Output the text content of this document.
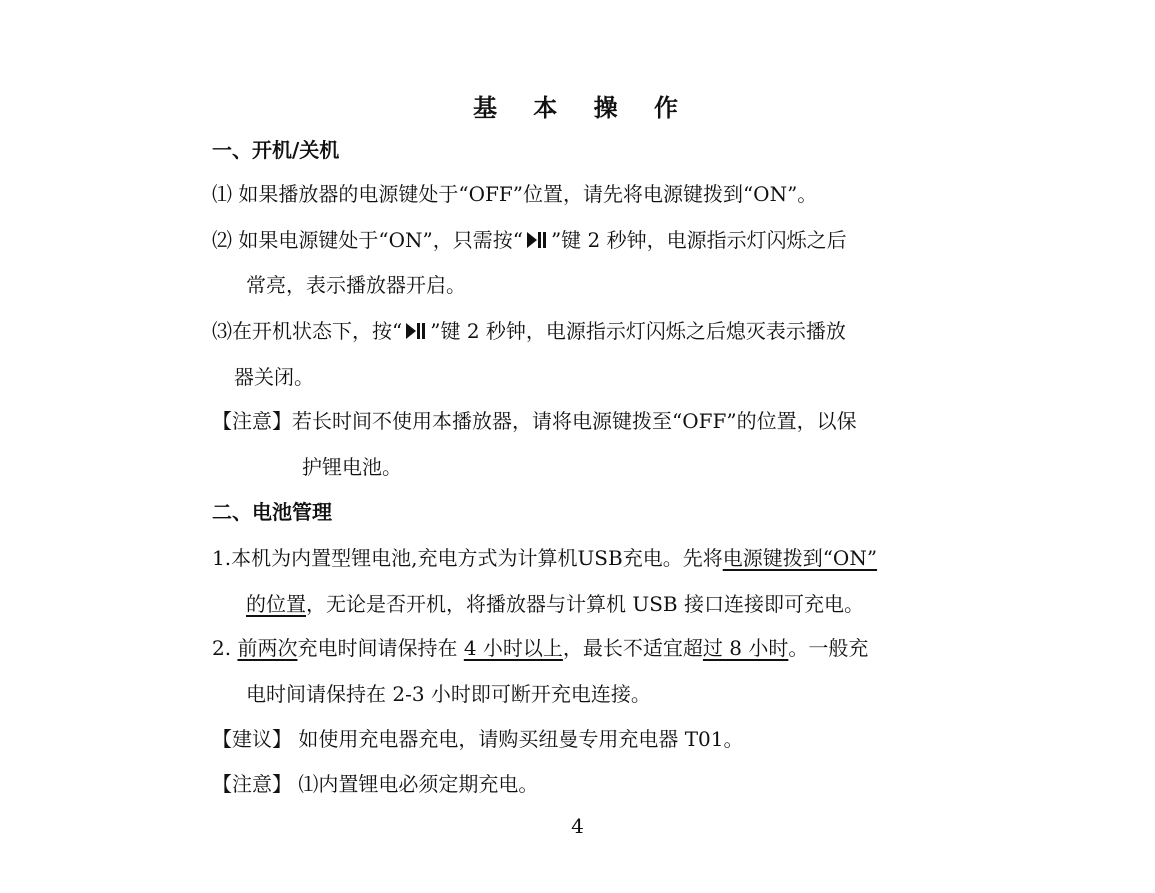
基 本 操 作
一、开机/关机
⑴ 如果播放器的电源键处于“OFF”位置，请先将电源键拨到“ON”。
⑵ 如果电源键处于“ON”，只需按“ ”键 2 秒钟，电源指示灯闪烁之后
常亮，表示播放器开启。
⑶在开机状态下，按“ ”键 2 秒钟，电源指示灯闪烁之后熄灭表示播放
器关闭。
【注意】若长时间不使用本播放器，请将电源键拨至“OFF”的位置，以保
护锂电池。
二、电池管理
1.本机为内置型锂电池,充电方式为计算机USB充电。先将电源键拨到“ON”
的位置，无论是否开机，将播放器与计算机 USB 接口连接即可充电。
2. 前两次充电时间请保持在 4 小时以上，最长不适宜超过 8 小时。一般充
电时间请保持在 2-3 小时即可断开充电连接。
【建议】 如使用充电器充电，请购买纽曼专用充电器 T01。
【注意】 ⑴内置锂电必须定期充电。
4
